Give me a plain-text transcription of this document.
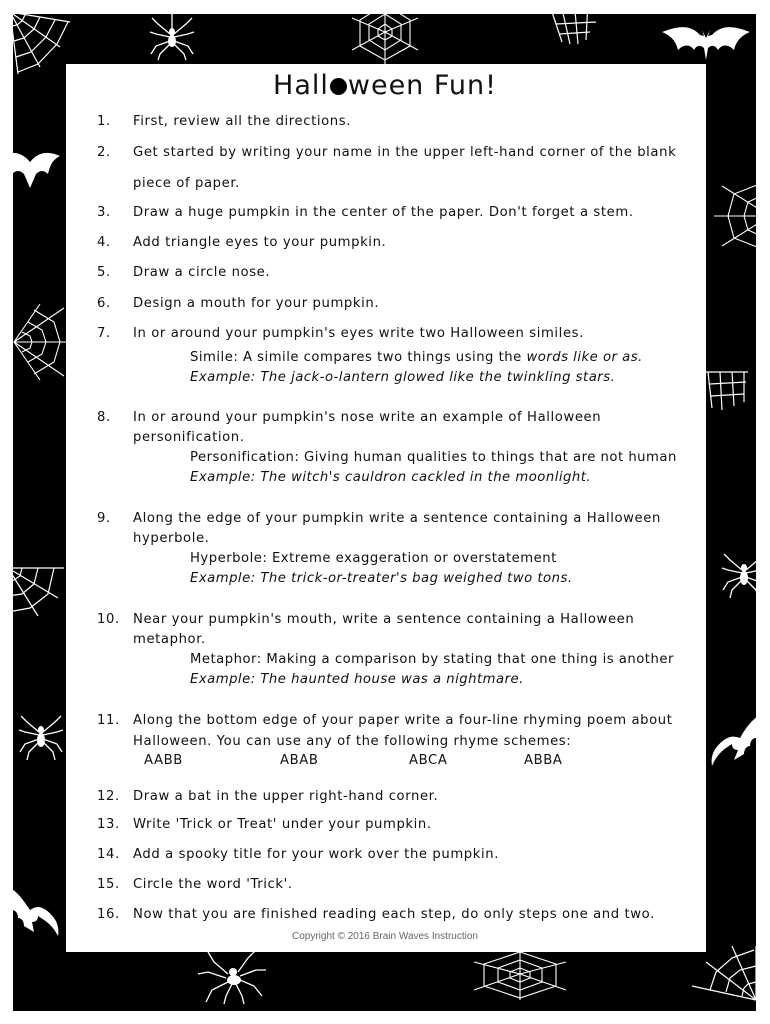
Hall ween Fun!
1.	First, review all the directions.
2.	Get started by writing your name in the upper left-hand corner of the blank
piece of paper.
3.	Draw a huge pumpkin in the center of the paper. Don't forget a stem.
4.	Add triangle eyes to your pumpkin.
5.	Draw a circle nose.
6.	Design a mouth for your pumpkin.
7.	In or around your pumpkin's eyes write two Halloween similes.
Simile: A simile compares two things using the words like or as.
Example: The jack-o-lantern glowed like the twinkling stars.
8.	In or around your pumpkin's nose write an example of Halloween
personification.
Personification: Giving human qualities to things that are not human
Example: The witch's cauldron cackled in the moonlight.
9.	Along the edge of your pumpkin write a sentence containing a Halloween
hyperbole.
Hyperbole: Extreme exaggeration or overstatement
Example: The trick-or-treater's bag weighed two tons.
10.	Near your pumpkin's mouth, write a sentence containing a Halloween
metaphor.
Metaphor: Making a comparison by stating that one thing is another
Example: The haunted house was a nightmare.
11.	Along the bottom edge of your paper write a four-line rhyming poem about
Halloween. You can use any of the following rhyme schemes:
AABB	ABAB	ABCA	ABBA
12.	Draw a bat in the upper right-hand corner.
13.	Write 'Trick or Treat' under your pumpkin.
14.	Add a spooky title for your work over the pumpkin.
15.	Circle the word 'Trick'.
16.	Now that you are finished reading each step, do only steps one and two.
Copyright © 2016 Brain Waves Instruction
